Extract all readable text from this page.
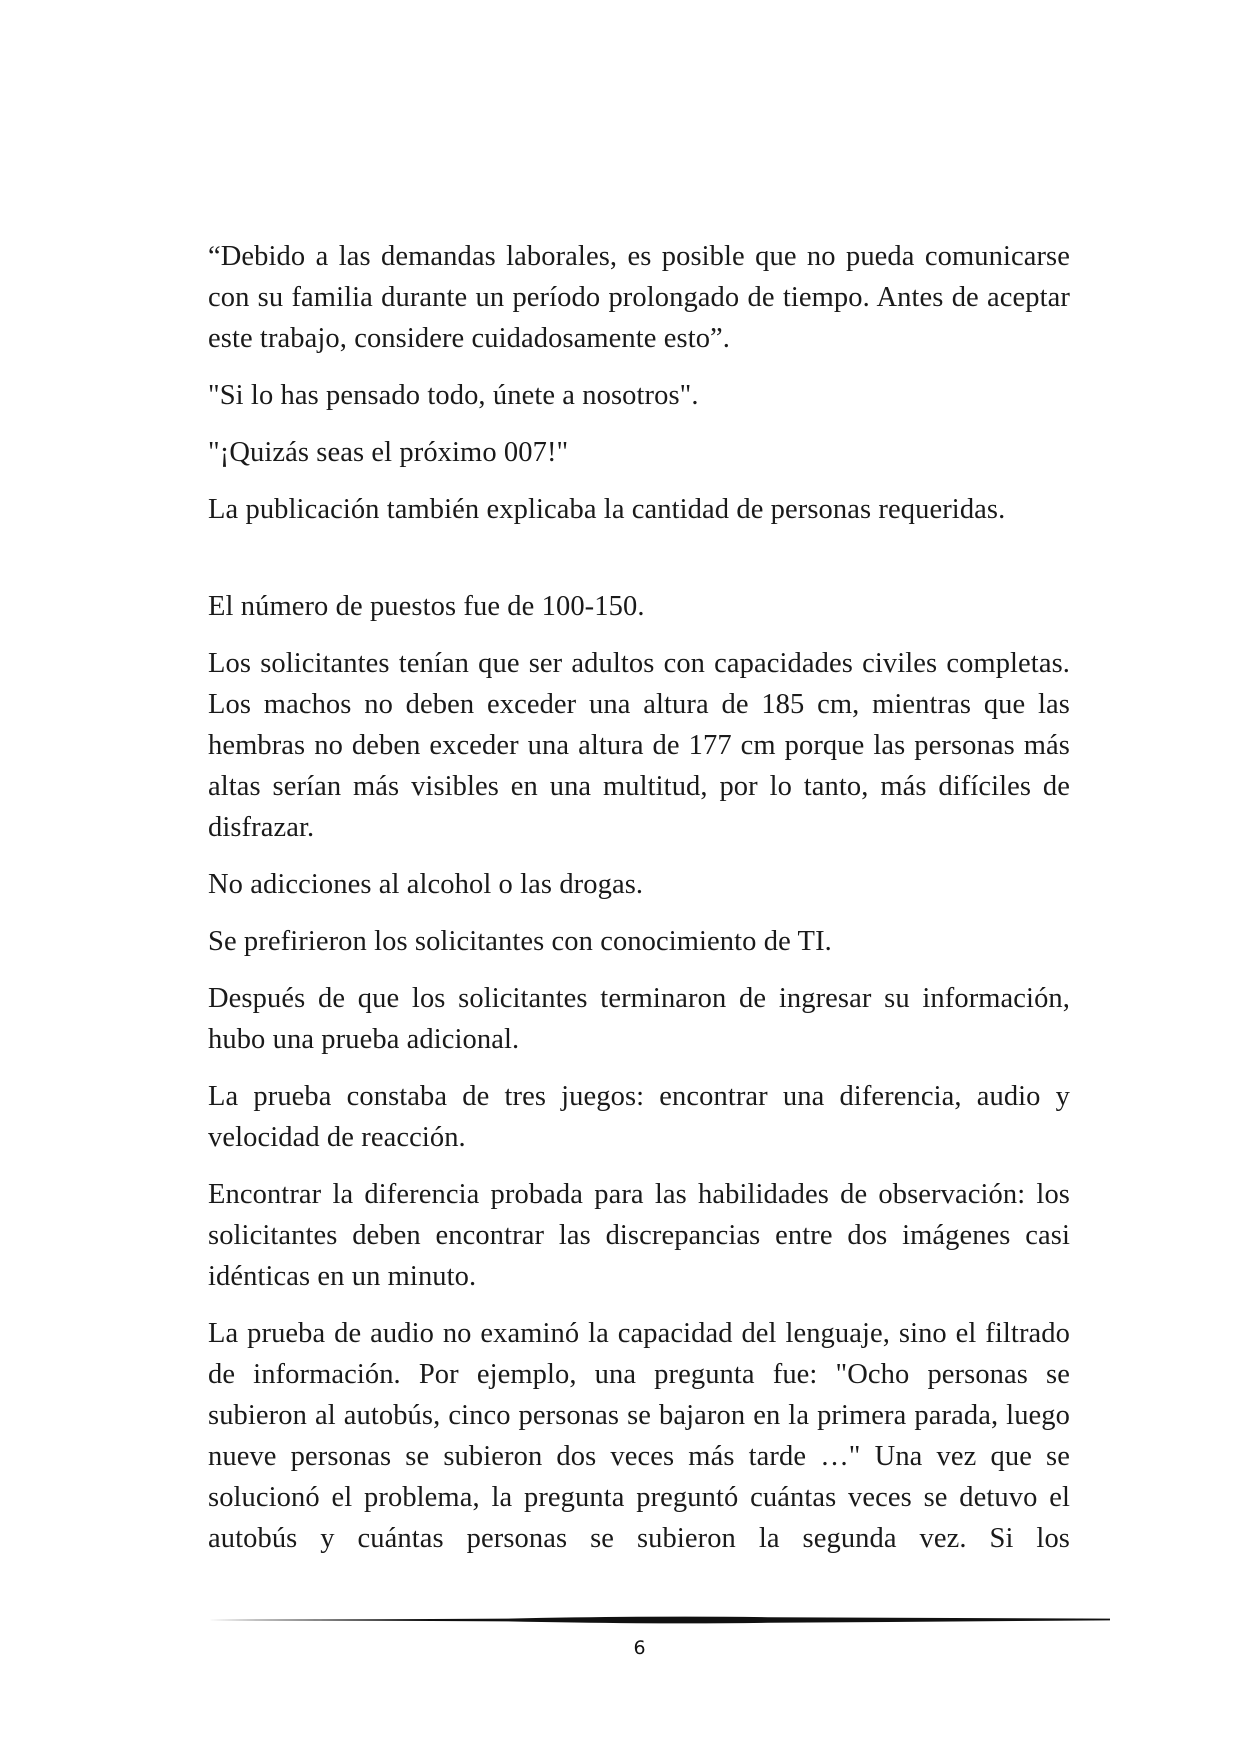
“Debido a las demandas laborales, es posible que no pueda comunicarse con su familia durante un período prolongado de tiempo. Antes de aceptar este trabajo, considere cuidadosamente esto”.

"Si lo has pensado todo, únete a nosotros".

"¡Quizás seas el próximo 007!"

La publicación también explicaba la cantidad de personas requeridas.

El número de puestos fue de 100-150.

Los solicitantes tenían que ser adultos con capacidades civiles completas. Los machos no deben exceder una altura de 185 cm, mientras que las hembras no deben exceder una altura de 177 cm porque las personas más altas serían más visibles en una multitud, por lo tanto, más difíciles de disfrazar.

No adicciones al alcohol o las drogas.

Se prefirieron los solicitantes con conocimiento de TI.

Después de que los solicitantes terminaron de ingresar su información, hubo una prueba adicional.

La prueba constaba de tres juegos: encontrar una diferencia, audio y velocidad de reacción.

Encontrar la diferencia probada para las habilidades de observación: los solicitantes deben encontrar las discrepancias entre dos imágenes casi idénticas en un minuto.

La prueba de audio no examinó la capacidad del lenguaje, sino el filtrado de información. Por ejemplo, una pregunta fue: "Ocho personas se subieron al autobús, cinco personas se bajaron en la primera parada, luego nueve personas se subieron dos veces más tarde …" Una vez que se solucionó el problema, la pregunta preguntó cuántas veces se detuvo el autobús y cuántas personas se subieron la segunda vez. Si los

6
